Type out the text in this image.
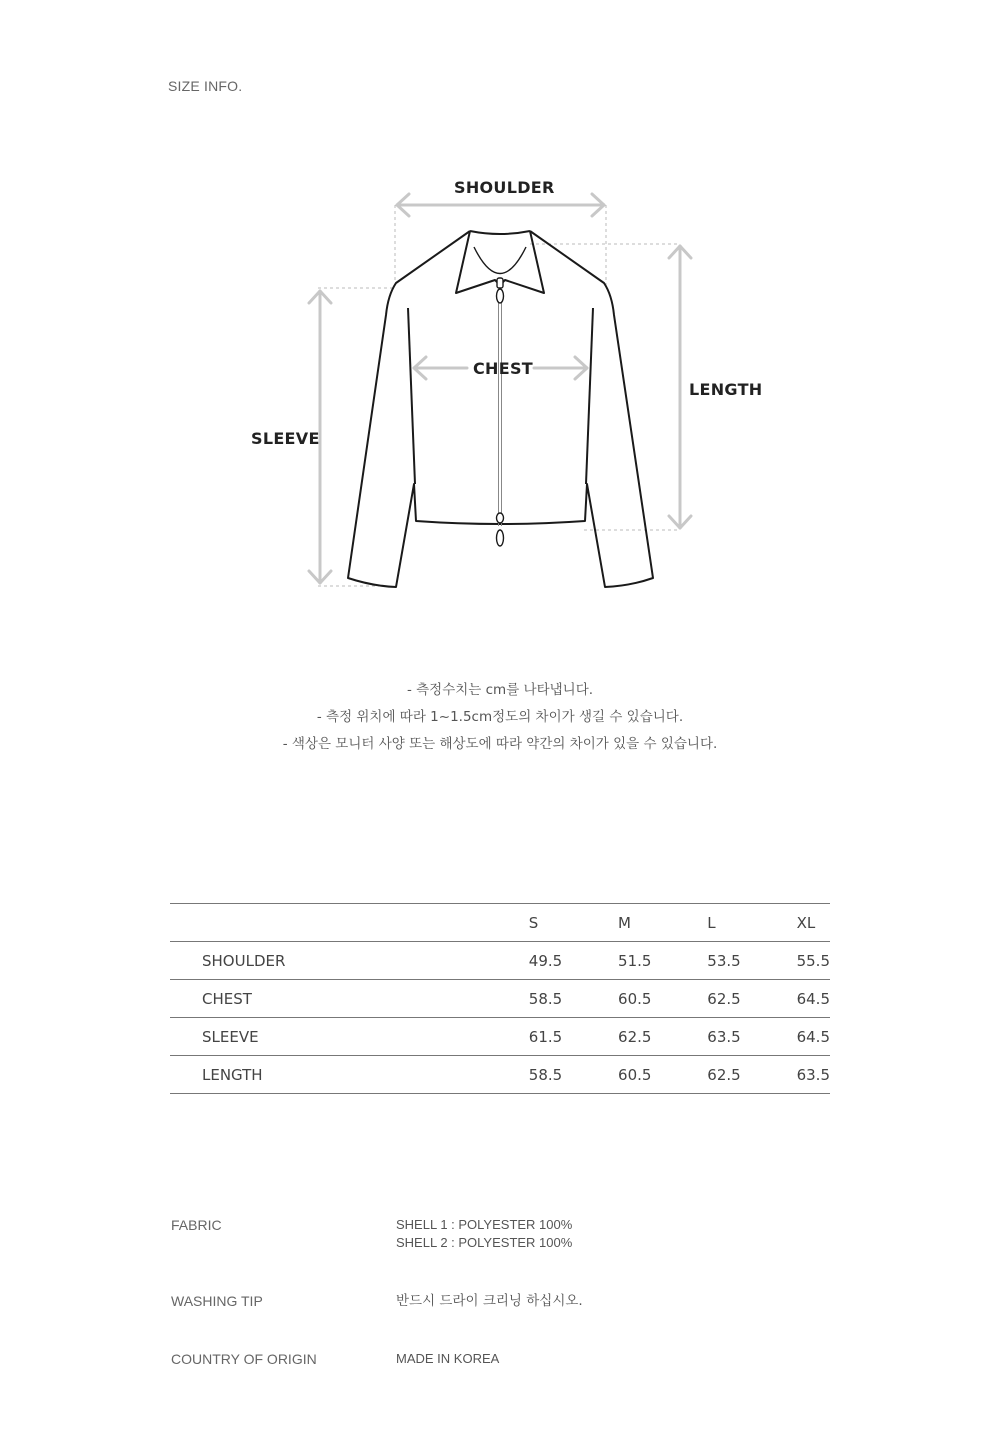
SIZE INFO.
SHOULDER
CHEST
LENGTH
SLEEVE
- 측정수치는 cm를 나타냅니다.
- 측정 위치에 따라 1~1.5cm정도의 차이가 생길 수 있습니다.
- 색상은 모니터 사양 또는 해상도에 따라 약간의 차이가 있을 수 있습니다.
	S	M	L	XL
SHOULDER	49.5	51.5	53.5	55.5
CHEST	58.5	60.5	62.5	64.5
SLEEVE	61.5	62.5	63.5	64.5
LENGTH	58.5	60.5	62.5	63.5
FABRIC	SHELL 1 : POLYESTER 100%
SHELL 2 : POLYESTER 100%
WASHING TIP	반드시 드라이 크리닝 하십시오.
COUNTRY OF ORIGIN	MADE IN KOREA
